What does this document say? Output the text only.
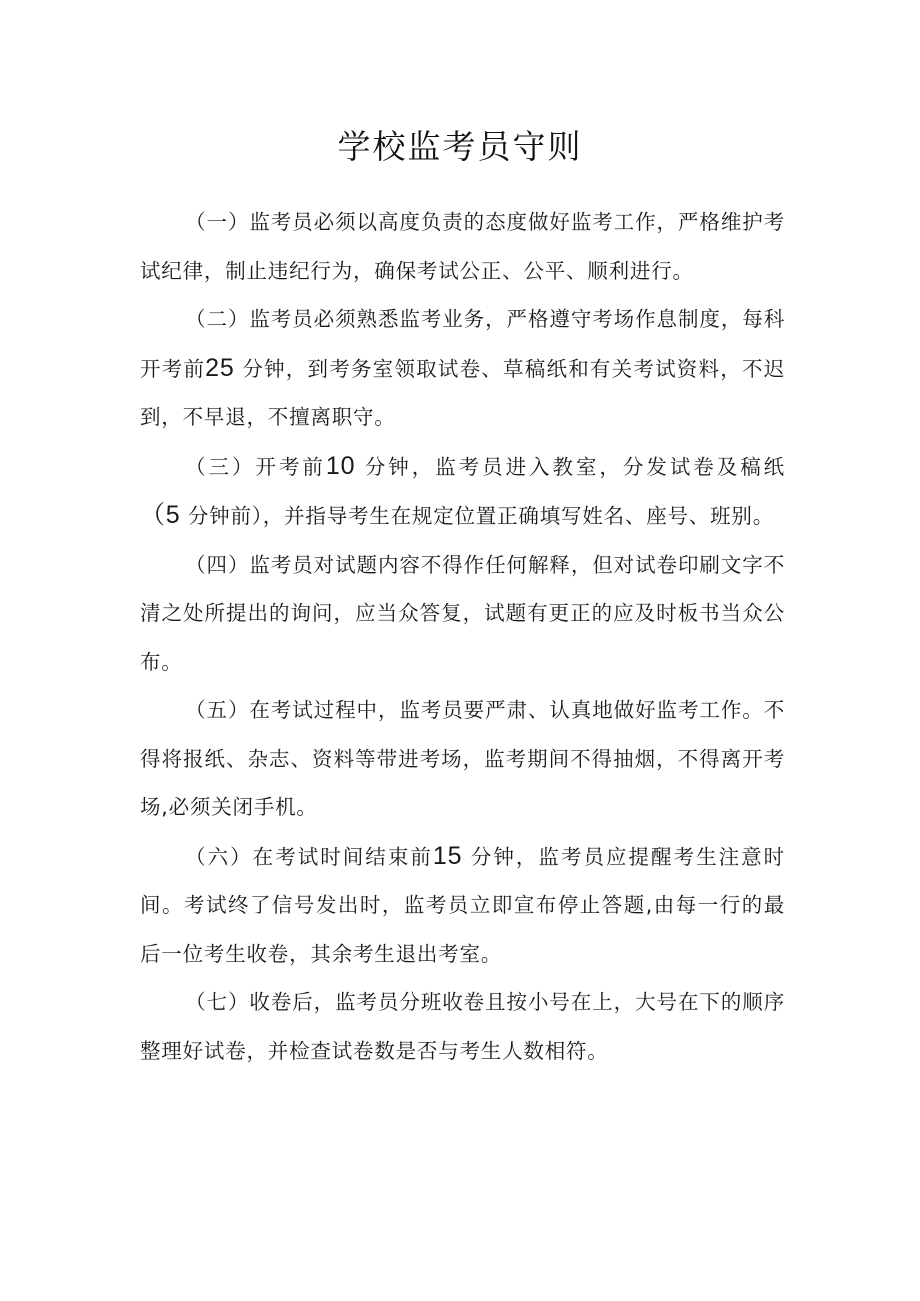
学校监考员守则

（一）监考员必须以高度负责的态度做好监考工作，严格维护考试纪律，制止违纪行为，确保考试公正、公平、顺利进行。

（二）监考员必须熟悉监考业务，严格遵守考场作息制度，每科开考前25 分钟，到考务室领取试卷、草稿纸和有关考试资料，不迟到，不早退，不擅离职守。

（三）开考前10 分钟，监考员进入教室，分发试卷及稿纸（5 分钟前），并指导考生在规定位置正确填写姓名、座号、班别。

（四）监考员对试题内容不得作任何解释，但对试卷印刷文字不清之处所提出的询问，应当众答复，试题有更正的应及时板书当众公布。

（五）在考试过程中，监考员要严肃、认真地做好监考工作。不得将报纸、杂志、资料等带进考场，监考期间不得抽烟，不得离开考场,必须关闭手机。

（六）在考试时间结束前15 分钟，监考员应提醒考生注意时间。考试终了信号发出时，监考员立即宣布停止答题,由每一行的最后一位考生收卷，其余考生退出考室。

（七）收卷后，监考员分班收卷且按小号在上，大号在下的顺序整理好试卷，并检查试卷数是否与考生人数相符。
